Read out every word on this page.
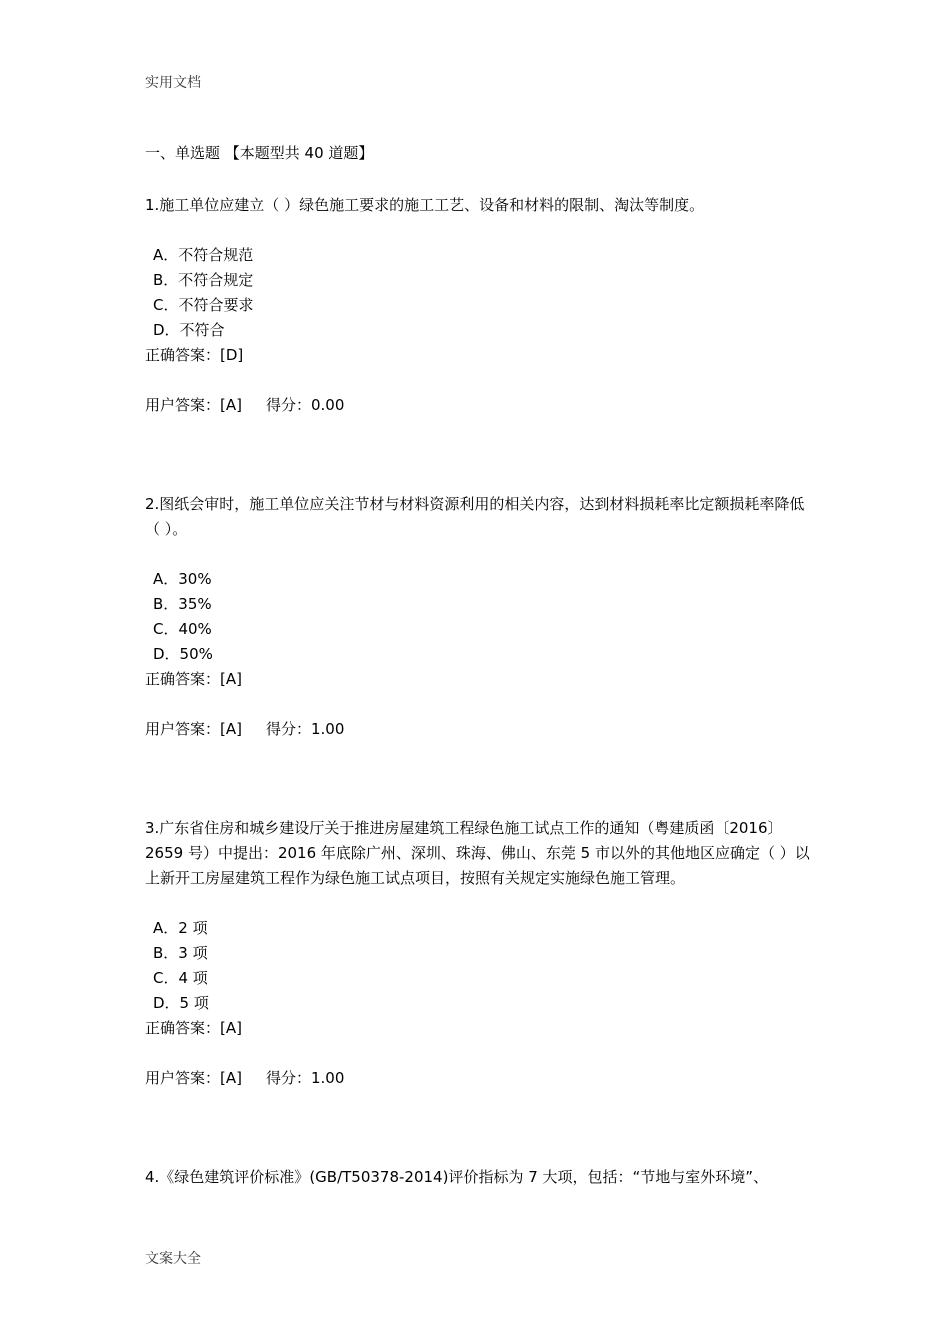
实用文档
一、单选题 【本题型共 40 道题】
1.施工单位应建立（ ）绿色施工要求的施工工艺、设备和材料的限制、淘汰等制度。
A．不符合规范
B．不符合规定
C．不符合要求
D．不符合
正确答案：[D]
用户答案：[A] 得分：0.00
2.图纸会审时，施工单位应关注节材与材料资源利用的相关内容，达到材料损耗率比定额损耗率降低（ ）。
A．30%
B．35%
C．40%
D．50%
正确答案：[A]
用户答案：[A] 得分：1.00
3.广东省住房和城乡建设厅关于推进房屋建筑工程绿色施工试点工作的通知（粤建质函〔2016〕2659 号）中提出：2016 年底除广州、深圳、珠海、佛山、东莞 5 市以外的其他地区应确定（ ）以上新开工房屋建筑工程作为绿色施工试点项目，按照有关规定实施绿色施工管理。
A．2 项
B．3 项
C．4 项
D．5 项
正确答案：[A]
用户答案：[A] 得分：1.00
4.《绿色建筑评价标准》(GB/T50378-2014)评价指标为 7 大项，包括：“节地与室外环境”、
文案大全
